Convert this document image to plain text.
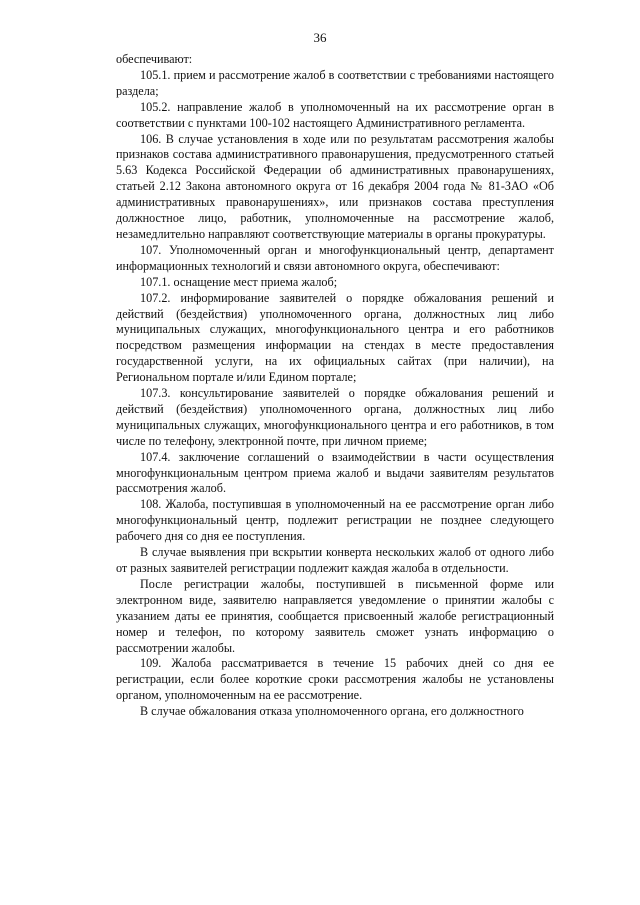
36

обеспечивают:

105.1. прием и рассмотрение жалоб в соответствии с требованиями настоящего раздела;

105.2. направление жалоб в уполномоченный на их рассмотрение орган в соответствии с пунктами 100-102 настоящего Административного регламента.

106. В случае установления в ходе или по результатам рассмотрения жалобы признаков состава административного правонарушения, предусмотренного статьей 5.63 Кодекса Российской Федерации об административных правонарушениях, статьей 2.12 Закона автономного округа от 16 декабря 2004 года № 81-ЗАО «Об административных правонарушениях», или признаков состава преступления должностное лицо, работник, уполномоченные на рассмотрение жалоб, незамедлительно направляют соответствующие материалы в органы прокуратуры.

107. Уполномоченный орган и многофункциональный центр, департамент информационных технологий и связи автономного округа, обеспечивают:

107.1. оснащение мест приема жалоб;

107.2. информирование заявителей о порядке обжалования решений и действий (бездействия) уполномоченного органа, должностных лиц либо муниципальных служащих, многофункционального центра и его работников посредством размещения информации на стендах в месте предоставления государственной услуги, на их официальных сайтах (при наличии), на Региональном портале и/или Едином портале;

107.3. консультирование заявителей о порядке обжалования решений и действий (бездействия) уполномоченного органа, должностных лиц либо муниципальных служащих, многофункционального центра и его работников, в том числе по телефону, электронной почте, при личном приеме;

107.4. заключение соглашений о взаимодействии в части осуществления многофункциональным центром приема жалоб и выдачи заявителям результатов рассмотрения жалоб.

108. Жалоба, поступившая в уполномоченный на ее рассмотрение орган либо многофункциональный центр, подлежит регистрации не позднее следующего рабочего дня со дня ее поступления.

В случае выявления при вскрытии конверта нескольких жалоб от одного либо от разных заявителей регистрации подлежит каждая жалоба в отдельности.

После регистрации жалобы, поступившей в письменной форме или электронном виде, заявителю направляется уведомление о принятии жалобы с указанием даты ее принятия, сообщается присвоенный жалобе регистрационный номер и телефон, по которому заявитель сможет узнать информацию о рассмотрении жалобы.

109. Жалоба рассматривается в течение 15 рабочих дней со дня ее регистрации, если более короткие сроки рассмотрения жалобы не установлены органом, уполномоченным на ее рассмотрение.

В случае обжалования отказа уполномоченного органа, его должностного
